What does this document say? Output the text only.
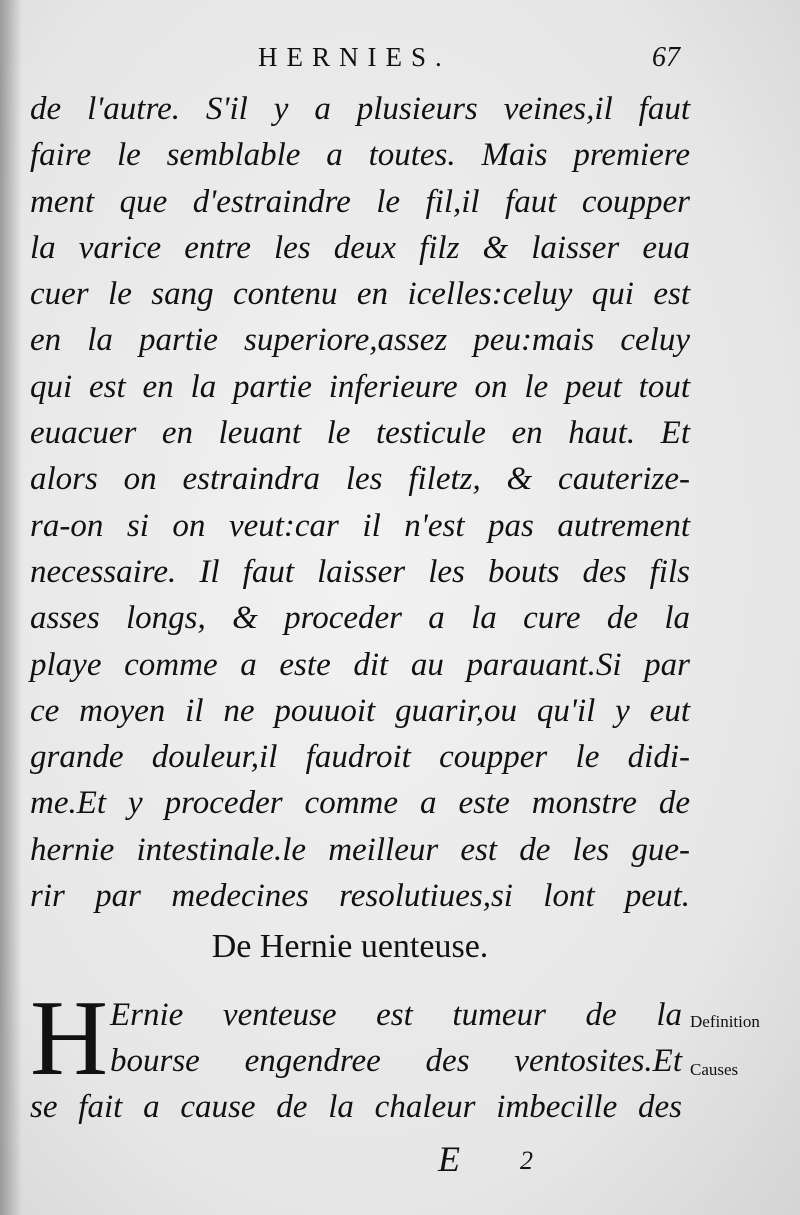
HERNIES.	67
de l'autre. S'il y a plusieurs veines,il faut
faire le semblable a toutes. Mais premiere
ment que d'estraindre le fil,il faut coupper
la varice entre les deux filz & laisser eua
cuer le sang contenu en icelles:celuy qui est
en la partie superiore,assez peu:mais celuy
qui est en la partie inferieure on le peut tout
euacuer en leuant le testicule en haut. Et
alors on estraindra les filetz, & cauterize-
ra-on si on veut:car il n'est pas autrement
necessaire. Il faut laisser les bouts des fils
asses longs, & proceder a la cure de la
playe comme a este dit au parauant.Si par
ce moyen il ne pouuoit guarir,ou qu'il y eut
grande douleur,il faudroit coupper le didi-
me.Et y proceder comme a este monstre de
hernie intestinale.le meilleur est de les gue-
rir par medecines resolutiues,si lont peut.
De Hernie uenteuse.
H Ernie venteuse est tumeur de la
bourse engendree des ventosites.Et
se fait a cause de la chaleur imbecille des
Definition
Causes
E 2
